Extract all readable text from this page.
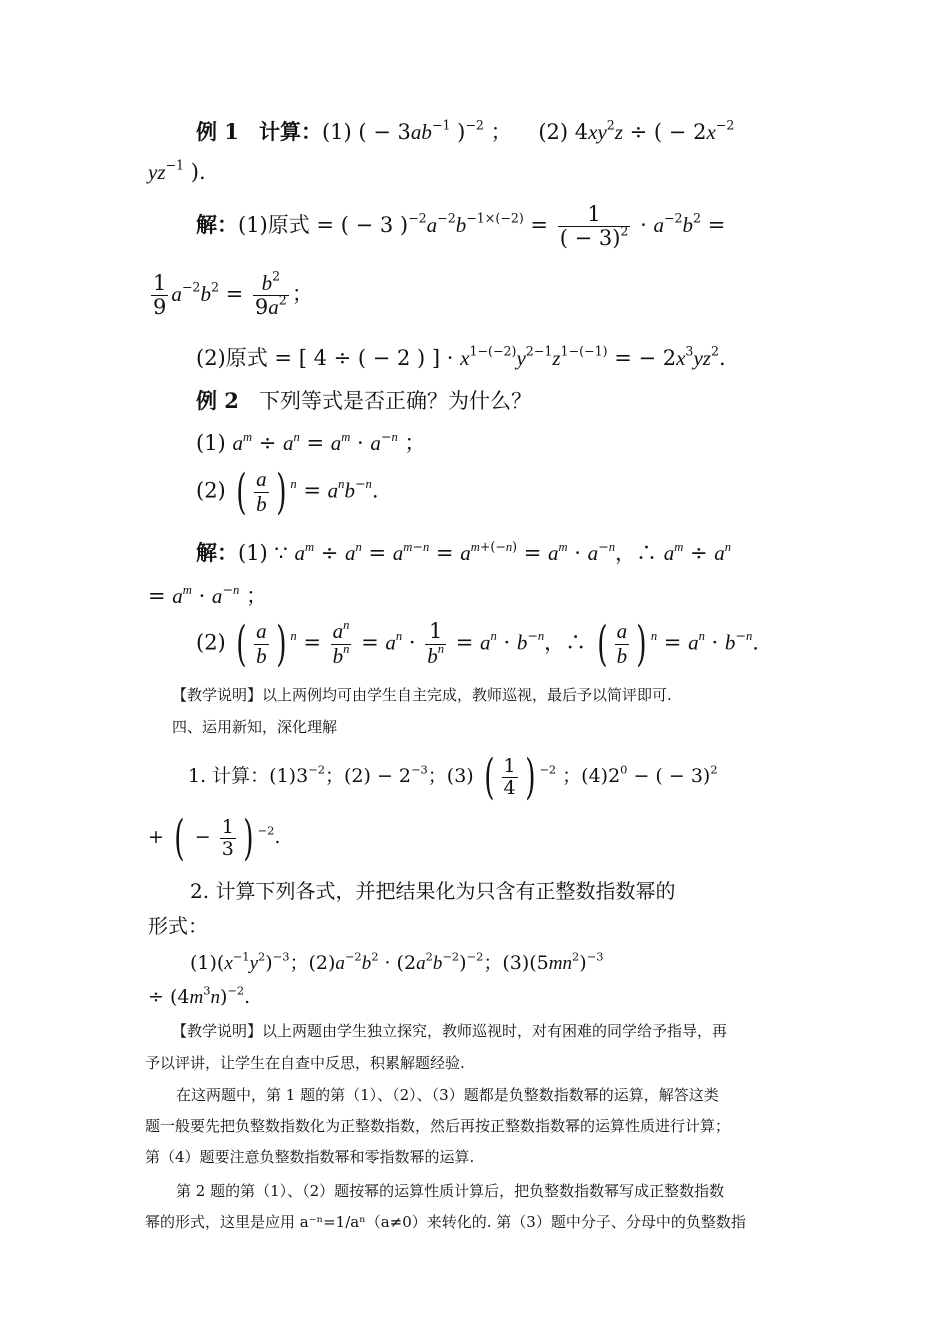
例 1 计算：(1) ( − $3ab^{-1}$ )$^{-2}$ ；    (2) $4xy^2z$ ÷ ( − $2x^{-2}$
$yz^{-1}$ ).
解：(1)原式 = ( − 3 )$^{-2}a^{-2}b^{-1\times(-2)} = \frac{1}{( - 3)^2} \cdot a^{-2}b^2$ =
$\frac{1}{9} a^{-2}b^2 = \frac{b^2}{9a^2}$ ；
(2)原式 = [ 4 ÷ ( − 2 ) ] · $x^{1-(-2)}y^{2-1}z^{1-(-1)}$ = − $2x^3yz^2$.
例 2 下列等式是否正确？为什么？
(1) $a^m \div a^n = a^m \cdot a^{-n}$ ；
(2) ( $\frac{a}{b}$ ) $^n = a^nb^{-n}$.
解：(1) ∵ $a^m \div a^n = a^{m-n} = a^{m+(-n)} = a^m \cdot a^{-n}$，∴ $a^m \div a^n$
= $a^m \cdot a^{-n}$ ；
(2) ( $\frac{a}{b}$ ) $^n = \frac{a^n}{b^n} = a^n \cdot \frac{1}{b^n} = a^n \cdot b^{-n}$，∴ ( $\frac{a}{b}$ ) $^n = a^n \cdot b^{-n}$.
【教学说明】以上两例均可由学生自主完成，教师巡视，最后予以简评即可.
四、运用新知，深化理解
1. 计算：$(1)3^{-2}$；$(2) - 2^{-3}$；(3) ( $\frac{1}{4}$ ) $^{-2}$ ；$(4)2^0$ − ( − 3)$^2$
+ ( − $\frac{1}{3}$ ) $^{-2}$.
2. 计算下列各式，并把结果化为只含有正整数指数幂的
形式：
$(1)(x^{-1}y^2)^{-3}$；$(2)a^{-2}b^2 \cdot (2a^2b^{-2})^{-2}$；$(3)(5mn^2)^{-3}$
÷ $(4m^3n)^{-2}$.
【教学说明】以上两题由学生独立探究，教师巡视时，对有困难的同学给予指导，再
予以评讲，让学生在自查中反思，积累解题经验.
在这两题中，第 1 题的第（1）、（2）、（3）题都是负整数指数幂的运算，解答这类
题一般要先把负整数指数化为正整数指数，然后再按正整数指数幂的运算性质进行计算；
第（4）题要注意负整数指数幂和零指数幂的运算.
第 2 题的第（1）、（2）题按幂的运算性质计算后，把负整数指数幂写成正整数指数
幂的形式，这里是应用 a⁻ⁿ=1/aⁿ（a≠0）来转化的. 第（3）题中分子、分母中的负整数指
